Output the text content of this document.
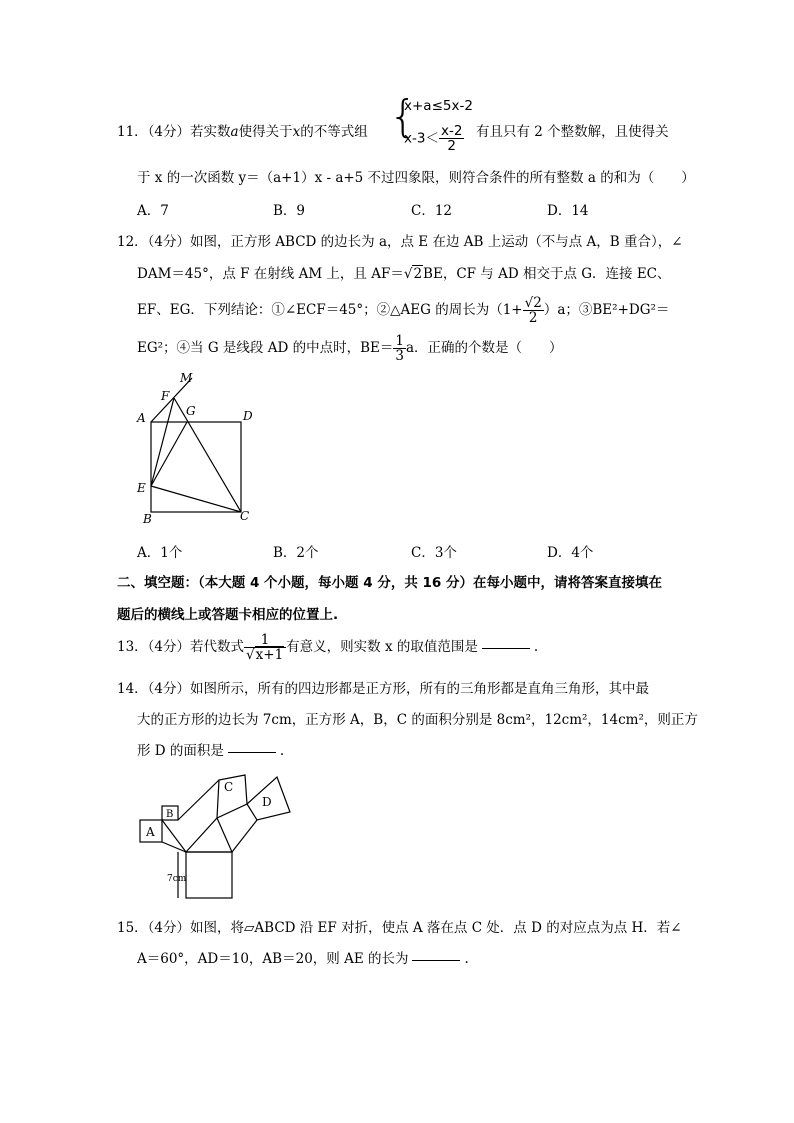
11．（4分）若实数a使得关于x的不等式组 {
x+a≤5x-2
$x-3< \frac{x-2}{2}$ 有且只有 2 个整数解，且使得关
于 x 的一次函数 y＝（a+1）x - a+5 不过四象限，则符合条件的所有整数 a 的和为（　　）
A．7	B．9	C．12	D．14
12．（4分）如图，正方形 ABCD 的边长为 a，点 E 在边 AB 上运动（不与点 A，B 重合），∠
DAM＝45°，点 F 在射线 AM 上，且 AF＝√2BE，CF 与 AD 相交于点 G．连接 EC、
EF、EG．下列结论：①∠ECF＝45°；②△AEG 的周长为$(1+ \frac{√2}{2} )a$；③BE²+DG²＝
EG²；④当 G 是线段 AD 的中点时，$BE= \frac{1}{3}$ a．正确的个数是（　　）
M
F
G
A	D
E
B	C
A．1个	B．2个	C．3个	D．4个
二、填空题：（本大题 4 个小题，每小题 4 分，共 16 分）在每小题中，请将答案直接填在
题后的横线上或答题卡相应的位置上.
13．（4分）若代数式 $\frac{1}{√x+1}$ 有意义，则实数 x 的取值范围是	.
14．（4分）如图所示，所有的四边形都是正方形，所有的三角形都是直角三角形，其中最
大的正方形的边长为 7cm，正方形 A，B，C 的面积分别是 8cm²，12cm²，14cm²，则正方
形 D 的面积是	.
A
B
C
D
7cm
15．（4分）如图，将▱ABCD 沿 EF 对折，使点 A 落在点 C 处．点 D 的对应点为点 H．若∠
A＝60°，AD＝10，AB＝20，则 AE 的长为	.
